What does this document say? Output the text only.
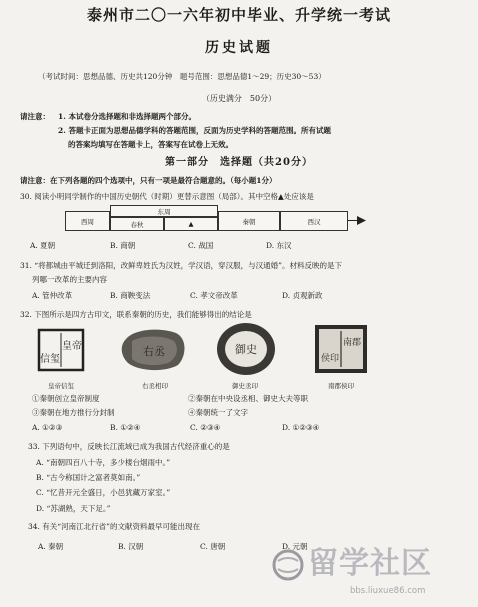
泰州市二〇一六年初中毕业、升学统一考试
历史试题
（考试时间：思想品德、历史共120分钟　题号范围：思想品德1～29；历史30～53）
（历史满分　50分）
请注意： 1. 本试卷分选择题和非选择题两个部分。
2. 答题卡正面为思想品德学科的答题范围，反面为历史学科的答题范围。所有试题
的答案均填写在答题卡上，答案写在试卷上无效。
第一部分　选择题（共20分）
请注意：在下列各题的四个选项中，只有一项是最符合题意的。（每小题1分）
30. 阅读小明同学制作的中国历史朝代（时期）更替示意图（局部）。其中空格▲处应该是
西周
东周
春秋	▲	秦朝	西汉
A. 夏朝	B. 商朝	C. 战国	D. 东汉
31. “将都城由平城迁到洛阳，改鲜卑姓氏为汉姓，学汉语，穿汉服，与汉通婚”。材料反映的是下
列哪一改革的主要内容
A. 管仲改革	B. 商鞅变法	C. 孝文帝改革	D. 贞观新政
32. 下图所示是四方古印文，联系秦朝的历史，我们能够得出的结论是
皇帝
信玺
右丞	御史	南郡
侯印
皇帝信玺	右丞相印	御史丞印	南郡侯印
①秦朝创立皇帝制度	②秦朝在中央设丞相、御史大夫等职
③秦朝在地方推行分封制	④秦朝统一了文字
A. ①②③	B. ①②④	C. ②③④	D. ①②③④
33. 下列语句中，反映长江流域已成为我国古代经济重心的是
A. “南朝四百八十寺，多少楼台烟雨中。”
B. “古今称国计之富者莫如南。”
C. “忆昔开元全盛日，小邑犹藏万家室。”
D. “苏湖熟，天下足。”
34. 有关“河南江北行省”的文献资料最早可能出现在
A. 秦朝	B. 汉朝	C. 唐朝	D. 元朝 留学社区
bbs.liuxue86.com
